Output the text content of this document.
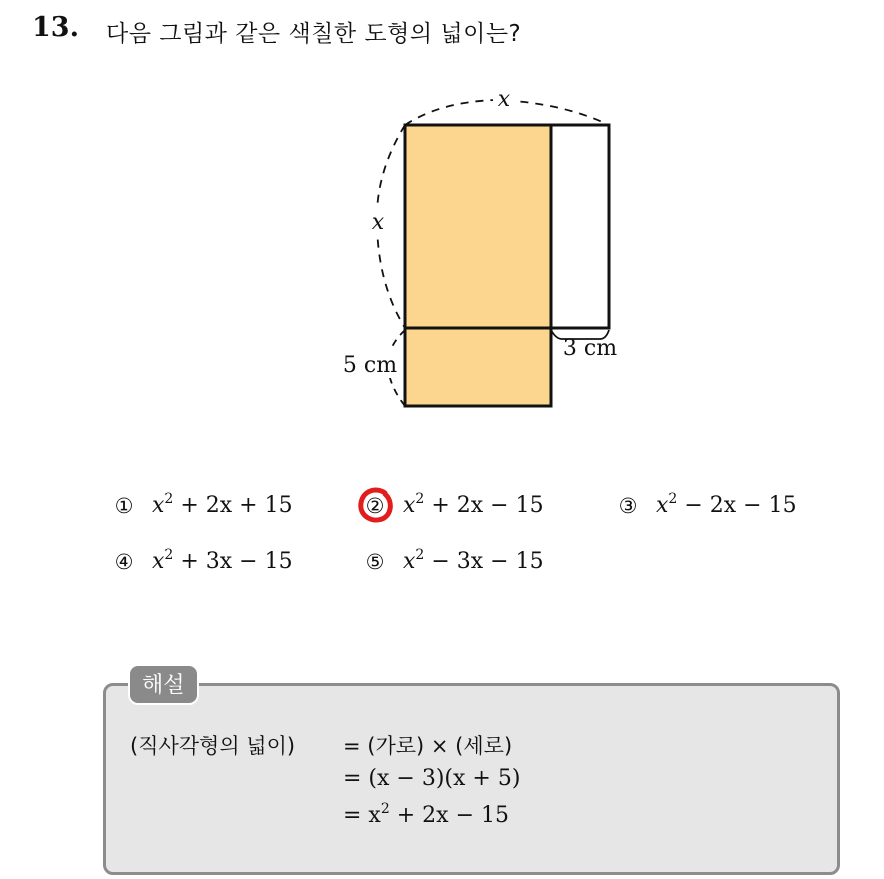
13. 다음 그림과 같은 색칠한 도형의 넓이는?
x
x
5 cm
3 cm
① $x^2 + 2x + 15$	② $x^2 + 2x - 15$	③ $x^2 - 2x - 15$
④ $x^2 + 3x - 15$	⑤ $x^2 - 3x - 15$
해설
(직사각형의 넓이) = (가로) × (세로)
= (x − 3)(x + 5)
= $x^2 + 2x - 15$
